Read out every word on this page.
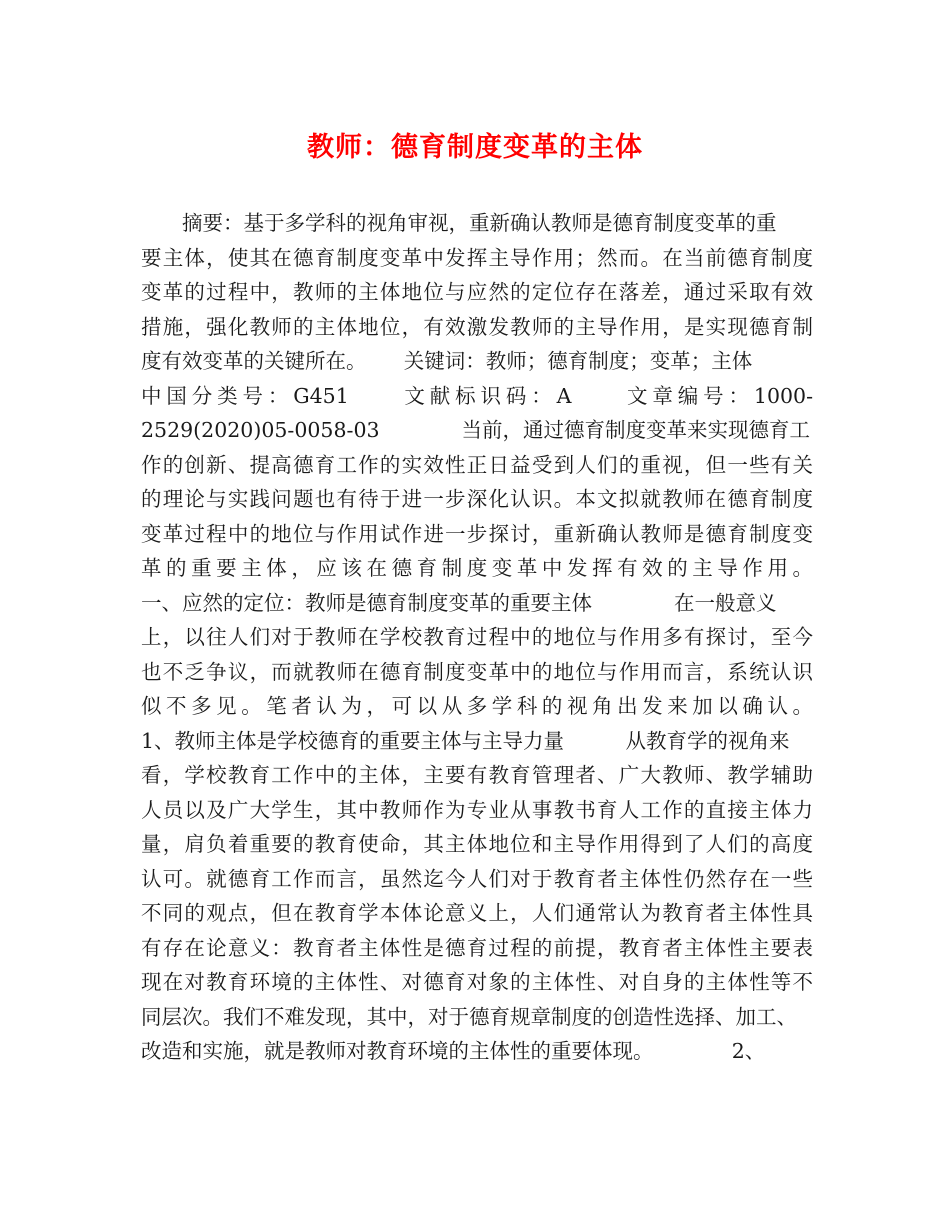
教师：德育制度变革的主体
　　摘要：基于多学科的视角审视，重新确认教师是德育制度变革的重
要主体，使其在德育制度变革中发挥主导作用；然而。在当前德育制度
变革的过程中，教师的主体地位与应然的定位存在落差，通过采取有效
措施，强化教师的主体地位，有效激发教师的主导作用，是实现德育制
度有效变革的关键所在。　　 关键词：教师；德育制度；变革；主体
中国分类号：G451　　文献标识码：A　　文章编号：1000-
2529(2020)05-0058-03　　　　当前，通过德育制度变革来实现德育工
作的创新、提高德育工作的实效性正日益受到人们的重视，但一些有关
的理论与实践问题也有待于进一步深化认识。本文拟就教师在德育制度
变革过程中的地位与作用试作进一步探讨，重新确认教师是德育制度变
革的重要主体，应该在德育制度变革中发挥有效的主导作用。
一、应然的定位：教师是德育制度变革的重要主体　　　　在一般意义
上，以往人们对于教师在学校教育过程中的地位与作用多有探讨，至今
也不乏争议，而就教师在德育制度变革中的地位与作用而言，系统认识
似不多见。笔者认为，可以从多学科的视角出发来加以确认。
1、教师主体是学校德育的重要主体与主导力量　　　从教育学的视角来
看，学校教育工作中的主体，主要有教育管理者、广大教师、教学辅助
人员以及广大学生，其中教师作为专业从事教书育人工作的直接主体力
量，肩负着重要的教育使命，其主体地位和主导作用得到了人们的高度
认可。就德育工作而言，虽然迄今人们对于教育者主体性仍然存在一些
不同的观点，但在教育学本体论意义上，人们通常认为教育者主体性具
有存在论意义：教育者主体性是德育过程的前提，教育者主体性主要表
现在对教育环境的主体性、对德育对象的主体性、对自身的主体性等不
同层次。我们不难发现，其中，对于德育规章制度的创造性选择、加工、
改造和实施，就是教师对教育环境的主体性的重要体现。　　　　 2、
